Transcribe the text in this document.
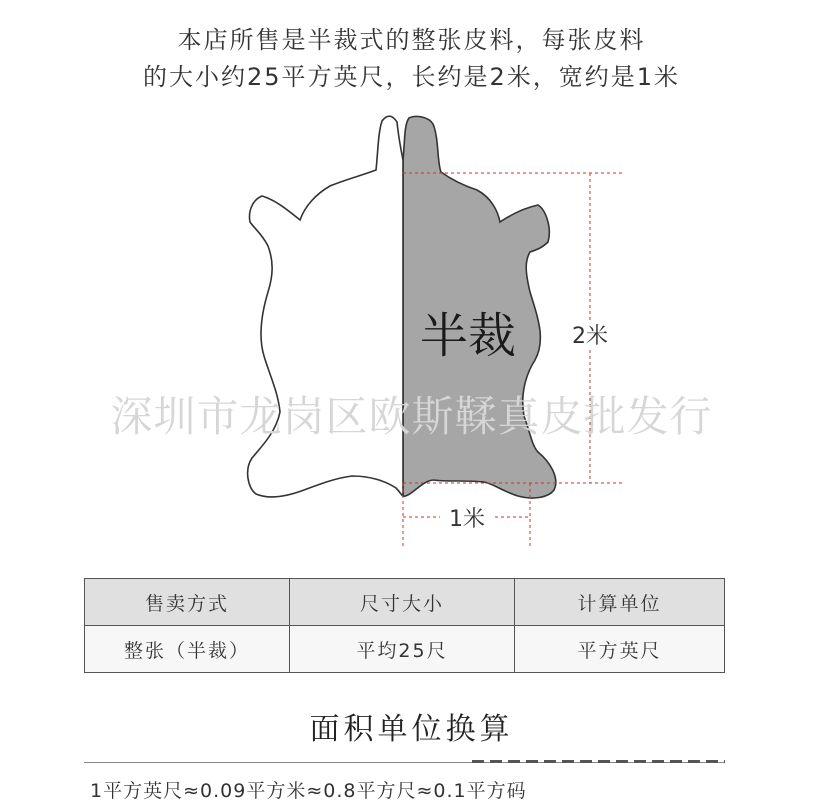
本店所售是半裁式的整张皮料，每张皮料
的大小约25平方英尺，长约是2米，宽约是1米
半裁	2米
1米
深圳市龙岗区欧斯鞣真皮批发行
售卖方式	尺寸大小	计算单位
整张（半裁）	平均25尺	平方英尺
面积单位换算
1平方英尺≈0.09平方米≈0.8平方尺≈0.1平方码
